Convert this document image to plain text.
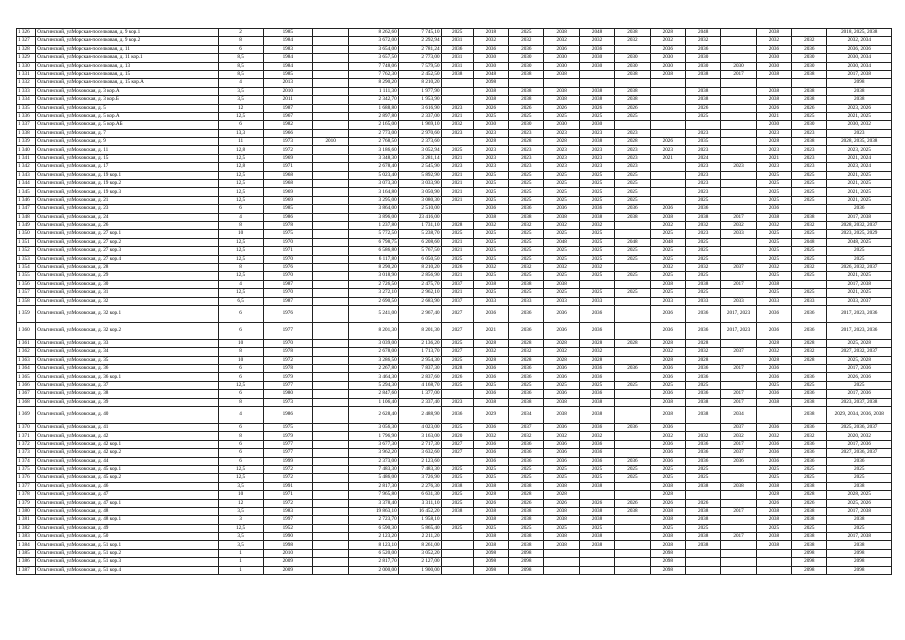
1 326	Ольгинский, улМорская-поселковая, д. 9 кор.1	2	1985		8 262,60	7 745,10	2025	2018	2025	2038	2048	2038	2028	2048		2038		2018, 2025, 2038
1 327	Ольгинский, улМорская-поселковая, д. 9 кор.2	8	1984		3 672,00	2 292,94	2031	2032	2032	2032	2032	2032	2032	2032		2032	2032	2032, 2034
1 328	Ольгинский, улМорская-поселковая, д. 11	6	1983		3 654,00	2 781,24	2036	2036	2036	2036	2036		2036	2036		2036	2036	2036, 2036
1 329	Ольгинский, улМорская-поселковая, д. 11 кор.1	8,5	1984		3 657,50	2 773,00	2031	2030	2030	2030	2030	2030	2030	2030		2030	2030	2030, 2034
1 330	Ольгинский, улМорская-поселковая, д. 13	8,5	1984		7 748,06	7 579,50	2031	2030	2030	2030	2030	2030	2030	2030	2030	2030	2030	2030, 2034
1 331	Ольгинский, улМорская-поселковая, д. 15	8,5	1985		7 762,30	2 452,50	2038	2048	2038	2038		2038	2038	2038	2017	2038	2038	2017, 2038
1 332	Ольгинский, улМорская-поселковая, д. 15 кор.А	4	2013		8 290,20	8 210,20		2098										2098
1 333	Ольгинский, улМоховская, д. 3 кор.А	3,5	2010		1 111,30	1 977,90		2038	2038	2038	2038	2038		2038		2038	2038	2038
1 334	Ольгинский, улМоховская, д. 3 кор.Б	3,5	2011		2 342,70	1 953,90		2038	2038	2038	2038	2038		2038		2038	2038	2038
1 335	Ольгинский, улМоховская, д. 5	12	1987		1 688,80	3 616,90	2023	2026	2026	2026	2026	2026		2026		2026	2026	2023, 2026
1 336	Ольгинский, улМоховская, д. 5 кор.А	12,5	1967		2 897,80	2 337,00	2021	2025	2025	2025	2025	2025		2025		2021	2025	2021, 2025
1 337	Ольгинский, улМоховская, д. 5 кор.АБ	6	1982		2 165,00	1 969,10	2032	2030	2030	2030	2030					2030	2030	2030, 2032
1 338	Ольгинский, улМоховская, д. 7	13,3	1966		2 773,00	2 970,60	2023	2023	2023	2023	2023	2023		2023		2023	2023	2023
1 339	Ольгинский, улМоховская, д. 9	11	1973	2010	2 768,50	2 373,60		2028	2028	2028	2038	2028	2026	2035		2028	2038	2028, 2035, 2038
1 340	Ольгинский, улМоховская, д. 11	12,8	1972		3 186,60	3 052,94	2025	2023	2023	2023	2023	2023	2023	2023		2023	2023	2023, 2025
1 341	Ольгинский, улМоховская, д. 15	12,5	1969		3 348,30	3 281,14	2021	2023	2023	2023	2023	2023	2021	2024		2021	2023	2021, 2024
1 342	Ольгинский, улМоховская, д. 17	12,8	1971		2 678,40	2 545,90	2023	2023	2023	2023	2023	2023		2023	2023	2023	2023	2023, 2024
1 343	Ольгинский, улМоховская, д. 19 кор.1	12,5	1968		5 023,40	5 892,90	2021	2025	2025	2025	2025	2025		2023		2025	2025	2021, 2025
1 344	Ольгинский, улМоховская, д. 19 кор.2	12,5	1968		3 073,30	3 033,90	2021	2025	2025	2025	2025	2025		2023		2025	2025	2021, 2025
1 345	Ольгинский, улМоховская, д. 19 кор.3	12,5	1969		3 164,80	3 050,90	2021	2025	2025	2025	2025	2025		2023		2025	2025	2021, 2025
1 346	Ольгинский, улМоховская, д. 21	12,5	1969		3 295,00	3 080,30	2021	2025	2025	2025	2025	2025		2025		2025	2025	2021, 2025
1 347	Ольгинский, улМоховская, д. 23	6	1985		3 864,00	2 510,00		2036	2036	2036	2036	2036	2036	2036		2036		2036
1 348	Ольгинский, улМоховская, д. 24	4	1986		3 896,00	23 416,00		2038	2038	2038	2038	2038	2038	2038	2017	2038	2038	2017, 2038
1 349	Ольгинский, улМоховская, д. 26	8	1978		1 237,80	1 731,10	2028	2032	2032	2032	2032		2032	2032	2032	2032	2032	2028, 2032, 2037
1 350	Ольгинский, улМоховская, д. 27 кор.1	10	1975		5 772,50	5 238,70	2025	2025	2025	2025	2025		2025	2023	2033	2025	2025	2023, 2025, 2029
1 351	Ольгинский, улМоховская, д. 27 кор.2	12,5	1970		6 798,75	6 208,60	2021	2025	2025	2048	2025	2048	2048	2025		2025	2048	2048, 2025
1 352	Ольгинский, улМоховская, д. 27 кор.3	12,5	1971		6 586,80	5 767,50	2021	2025	2025	2025	2025	2025	2025	2025		2025	2025	2025
1 353	Ольгинский, улМоховская, д. 27 кор.4	12,5	1970		6 117,80	6 050,50	2025	2025	2025	2025	2025	2025	2025	2025		2025	2025	2025
1 354	Ольгинский, улМоховская, д. 28	8	1976		8 290,20	8 210,20	2026	2032	2032	2032	2032		2032	2032	2037	2032	2032	2026, 2032, 2037
1 355	Ольгинский, улМоховская, д. 29	12,5	1970		3 018,90	2 856,90	2021	2025	2025	2025	2025	2025	2025	2025		2025	2025	2021, 2025
1 356	Ольгинский, улМоховская, д. 30	4	1987		2 726,50	2 475,70	2037	2038	2038	2038			2038	2038	2017	2038		2017, 2038
1 357	Ольгинский, улМоховская, д. 31	12,5	1970		3 272,10	2 962,10	2021	2025	2025	2025	2025	2025	2025	2025		2025	2025	2021, 2025
1 358	Ольгинский, улМоховская, д. 32	6,5	1987		2 690,50	2 683,90	2037	2033	2033	2033	2033		2033	2033	2033	2033	2033	2033, 2037
1 359	Ольгинский, улМоховская, д. 32 кор.1	6	1976		5 241,00	2 967,40	2027	2036	2036	2036	2036		2036	2036	2017, 2023	2036	2036	2017, 2023, 2036
1 360	Ольгинский, улМоховская, д. 32 кор.2	6	1977		8 201,30	8 201,30	2027	2021	2036	2036	2036		2036	2036	2017, 2023	2036	2036	2017, 2023, 2036
1 361	Ольгинский, улМоховская, д. 33	10	1970		3 039,00	2 136,20	2025	2028	2028	2028	2028	2028	2028	2028		2028	2028	2025, 2028
1 362	Ольгинский, улМоховская, д. 34	8	1978		2 678,00	1 713,70	2027	2032	2032	2032	2032		2032	2032	2037	2032	2032	2027, 2032, 2037
1 363	Ольгинский, улМоховская, д. 35	10	1972		3 286,50	2 954,30	2025	2028	2028	2028	2028		2028	2028		2028	2028	2025, 2028
1 364	Ольгинский, улМоховская, д. 36	6	1978		2 267,80	7 837,30	2028	2036	2036	2036	2036	2036	2036	2036	2017	2036		2017, 2036
1 365	Ольгинский, улМоховская, д. 36 кор.1	6	1979		3 464,30	2 837,60	2026	2036	2036	2036	2036		2036	2036		2036	2036	2026, 2036
1 366	Ольгинский, улМоховская, д. 37	12,5	1977		5 294,30	4 168,70	2025	2025	2025	2025	2025	2025	2025	2025		2025	2025	2025
1 367	Ольгинский, улМоховская, д. 38	6	1980		2 847,60	1 377,00		2036	2036	2036	2036		2036	2036	2017	2036	2036	2017, 2036
1 368	Ольгинский, улМоховская, д. 39	8	1973		1 106,40	2 337,40	2023	2038	2038	2038	2038		2038	2038	2017	2038	2038	2023, 2037, 2038
1 369	Ольгинский, улМоховская, д. 40	4	1986		2 628,40	2 488,90	2036	2029	2034	2038	2038		2038	2038	2034		2038	2029, 2034, 2036, 2038
1 370	Ольгинский, улМоховская, д. 41	6	1975		3 056,30	4 023,00	2025	2036	2037	2036	2036	2036	2036		2037	2036	2036	2025, 2036, 2037
1 371	Ольгинский, улМоховская, д. 42	8	1979		1 796,90	3 163,00	2020	2032	2032	2032	2032		2032	2032	2032	2032	2032	2020, 2032
1 372	Ольгинский, улМоховская, д. 42 кор.1	6	1977		3 677,30	2 717,30	2027	2036	2036	2036	2036		2036	2036	2017	2036	2036	2017, 2036
1 373	Ольгинский, улМоховская, д. 42 кор.2	6	1977		3 962,20	3 632,60	2027	2036	2036	2036	2036		2036	2036	2037	2036	2036	2027, 2036, 2037
1 374	Ольгинский, улМоховская, д. 44	6	1999		2 373,00	2 123,60		2036	2036	2036	2036	2036	2036	2036	2036	2036	2036	2036
1 375	Ольгинский, улМоховская, д. 45 кор.1	12,5	1972		7 483,30	7 483,30	2025	2025	2025	2025	2025	2025	2025	2025		2025	2025	2025
1 376	Ольгинский, улМоховская, д. 45 кор.2	12,5	1972		5 486,00	3 726,90	2025	2025	2025	2025	2025	2025	2025	2025		2025	2025	2025
1 377	Ольгинский, улМоховская, д. 46	3,5	1991		2 817,30	2 276,30	2038	2038	2038	2038	2038		2038	2038	2038	2038	2038	2038
1 378	Ольгинский, улМоховская, д. 47	10	1971		7 965,80	6 631,30	2025	2028	2028	2028			2028			2028	2028	2028, 2025
1 379	Ольгинский, улМоховская, д. 47 кор.1	12	1972		3 378,40	3 311,10	2025	2026	2026	2026	2026	2026	2026	2026		2026	2026	2025, 2026
1 380	Ольгинский, улМоховская, д. 48	3,5	1983		19 863,10	16 452,20	2038	2038	2038	2038	2038	2038	2038	2038	2017	2038	2038	2017, 2038
1 381	Ольгинский, улМоховская, д. 48 кор.1	3	1997		2 723,70	1 958,10		2038	2038	2038	2038		2038	2038		2038	2038	2038
1 382	Ольгинский, улМоховская, д. 49	12,5	1952		6 590,30	5 865,40	2025	2025	2025	2025	2025		2025	2025		2025	2025	2025
1 383	Ольгинский, улМоховская, д. 50	3,5	1990		2 123,20	2 211,20		2038	2038	2038	2038		2038	2038	2017	2038	2038	2017, 2038
1 384	Ольгинский, улМоховская, д. 51 кор.1	3,5	1998		8 123,10	8 261,00		2038	2038	2038	2038		2038	2038		2038	2038	2038
1 385	Ольгинский, улМоховская, д. 51 кор.2	1	2010		6 520,00	3 052,20		2098	2098				2098				2098	2098
1 386	Ольгинский, улМоховская, д. 51 кор.3	1	2009		2 817,70	2 127,00		2098	2098				2098				2098	2098
1 387	Ольгинский, улМоховская, д. 51 кор.4	1	2009		2 000,00	1 900,00		2098	2098				2098				2098	2098
